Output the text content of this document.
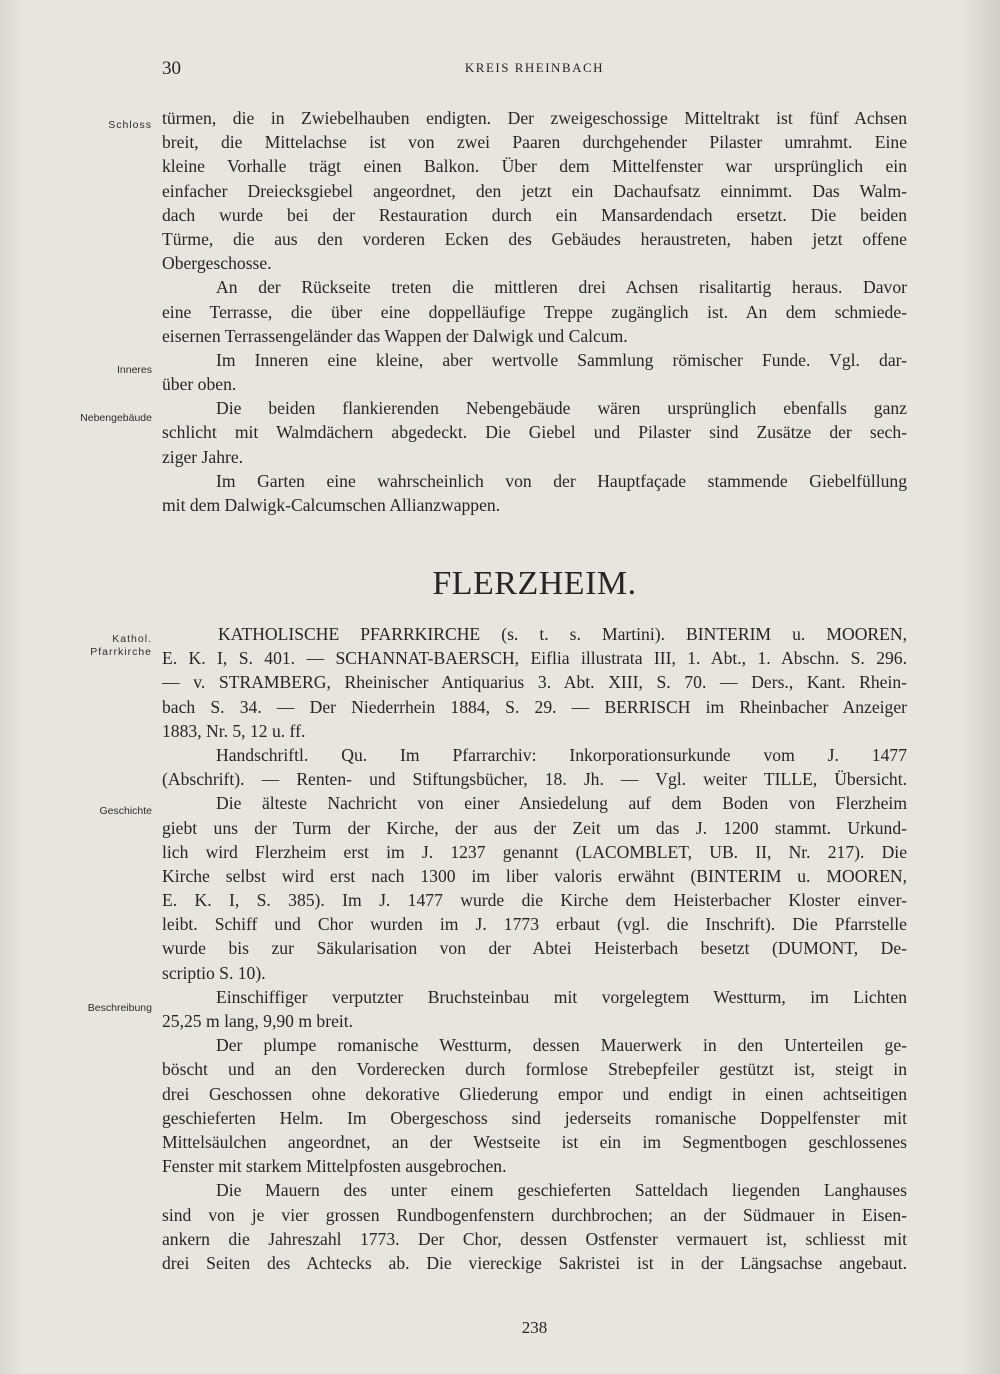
30	KREIS RHEINBACH
Schloss
Inneres
Nebengebäude
Kathol.
Pfarrkirche
Geschichte
Beschreibung
türmen, die in Zwiebelhauben endigten. Der zweigeschossige Mitteltrakt ist fünf Achsen
breit, die Mittelachse ist von zwei Paaren durchgehender Pilaster umrahmt. Eine
kleine Vorhalle trägt einen Balkon. Über dem Mittelfenster war ursprünglich ein
einfacher Dreiecksgiebel angeordnet, den jetzt ein Dachaufsatz einnimmt. Das Walm-
dach wurde bei der Restauration durch ein Mansardendach ersetzt. Die beiden
Türme, die aus den vorderen Ecken des Gebäudes heraustreten, haben jetzt offene
Obergeschosse.
An der Rückseite treten die mittleren drei Achsen risalitartig heraus. Davor
eine Terrasse, die über eine doppelläufige Treppe zugänglich ist. An dem schmiede-
eisernen Terrassengeländer das Wappen der Dalwigk und Calcum.
Im Inneren eine kleine, aber wertvolle Sammlung römischer Funde. Vgl. dar-
über oben.
Die beiden flankierenden Nebengebäude wären ursprünglich ebenfalls ganz
schlicht mit Walmdächern abgedeckt. Die Giebel und Pilaster sind Zusätze der sech-
ziger Jahre.
Im Garten eine wahrscheinlich von der Hauptfaçade stammende Giebelfüllung
mit dem Dalwigk-Calcumschen Allianzwappen.
FLERZHEIM.
KATHOLISCHE PFARRKIRCHE (s. t. s. Martini). BINTERIM u. MOOREN,
E. K. I, S. 401. — SCHANNAT-BAERSCH, Eiflia illustrata III, 1. Abt., 1. Abschn. S. 296.
— v. STRAMBERG, Rheinischer Antiquarius 3. Abt. XIII, S. 70. — Ders., Kant. Rhein-
bach S. 34. — Der Niederrhein 1884, S. 29. — BERRISCH im Rheinbacher Anzeiger
1883, Nr. 5, 12 u. ff.
Handschriftl. Qu. Im Pfarrarchiv: Inkorporationsurkunde vom J. 1477
(Abschrift). — Renten- und Stiftungsbücher, 18. Jh. — Vgl. weiter TILLE, Übersicht.
Die älteste Nachricht von einer Ansiedelung auf dem Boden von Flerzheim
giebt uns der Turm der Kirche, der aus der Zeit um das J. 1200 stammt. Urkund-
lich wird Flerzheim erst im J. 1237 genannt (LACOMBLET, UB. II, Nr. 217). Die
Kirche selbst wird erst nach 1300 im liber valoris erwähnt (BINTERIM u. MOOREN,
E. K. I, S. 385). Im J. 1477 wurde die Kirche dem Heisterbacher Kloster einver-
leibt. Schiff und Chor wurden im J. 1773 erbaut (vgl. die Inschrift). Die Pfarrstelle
wurde bis zur Säkularisation von der Abtei Heisterbach besetzt (DUMONT, De-
scriptio S. 10).
Einschiffiger verputzter Bruchsteinbau mit vorgelegtem Westturm, im Lichten
25,25 m lang, 9,90 m breit.
Der plumpe romanische Westturm, dessen Mauerwerk in den Unterteilen ge-
böscht und an den Vorderecken durch formlose Strebepfeiler gestützt ist, steigt in
drei Geschossen ohne dekorative Gliederung empor und endigt in einen achtseitigen
geschieferten Helm. Im Obergeschoss sind jederseits romanische Doppelfenster mit
Mittelsäulchen angeordnet, an der Westseite ist ein im Segmentbogen geschlossenes
Fenster mit starkem Mittelpfosten ausgebrochen.
Die Mauern des unter einem geschieferten Satteldach liegenden Langhauses
sind von je vier grossen Rundbogenfenstern durchbrochen; an der Südmauer in Eisen-
ankern die Jahreszahl 1773. Der Chor, dessen Ostfenster vermauert ist, schliesst mit
drei Seiten des Achtecks ab. Die viereckige Sakristei ist in der Längsachse angebaut.
238
